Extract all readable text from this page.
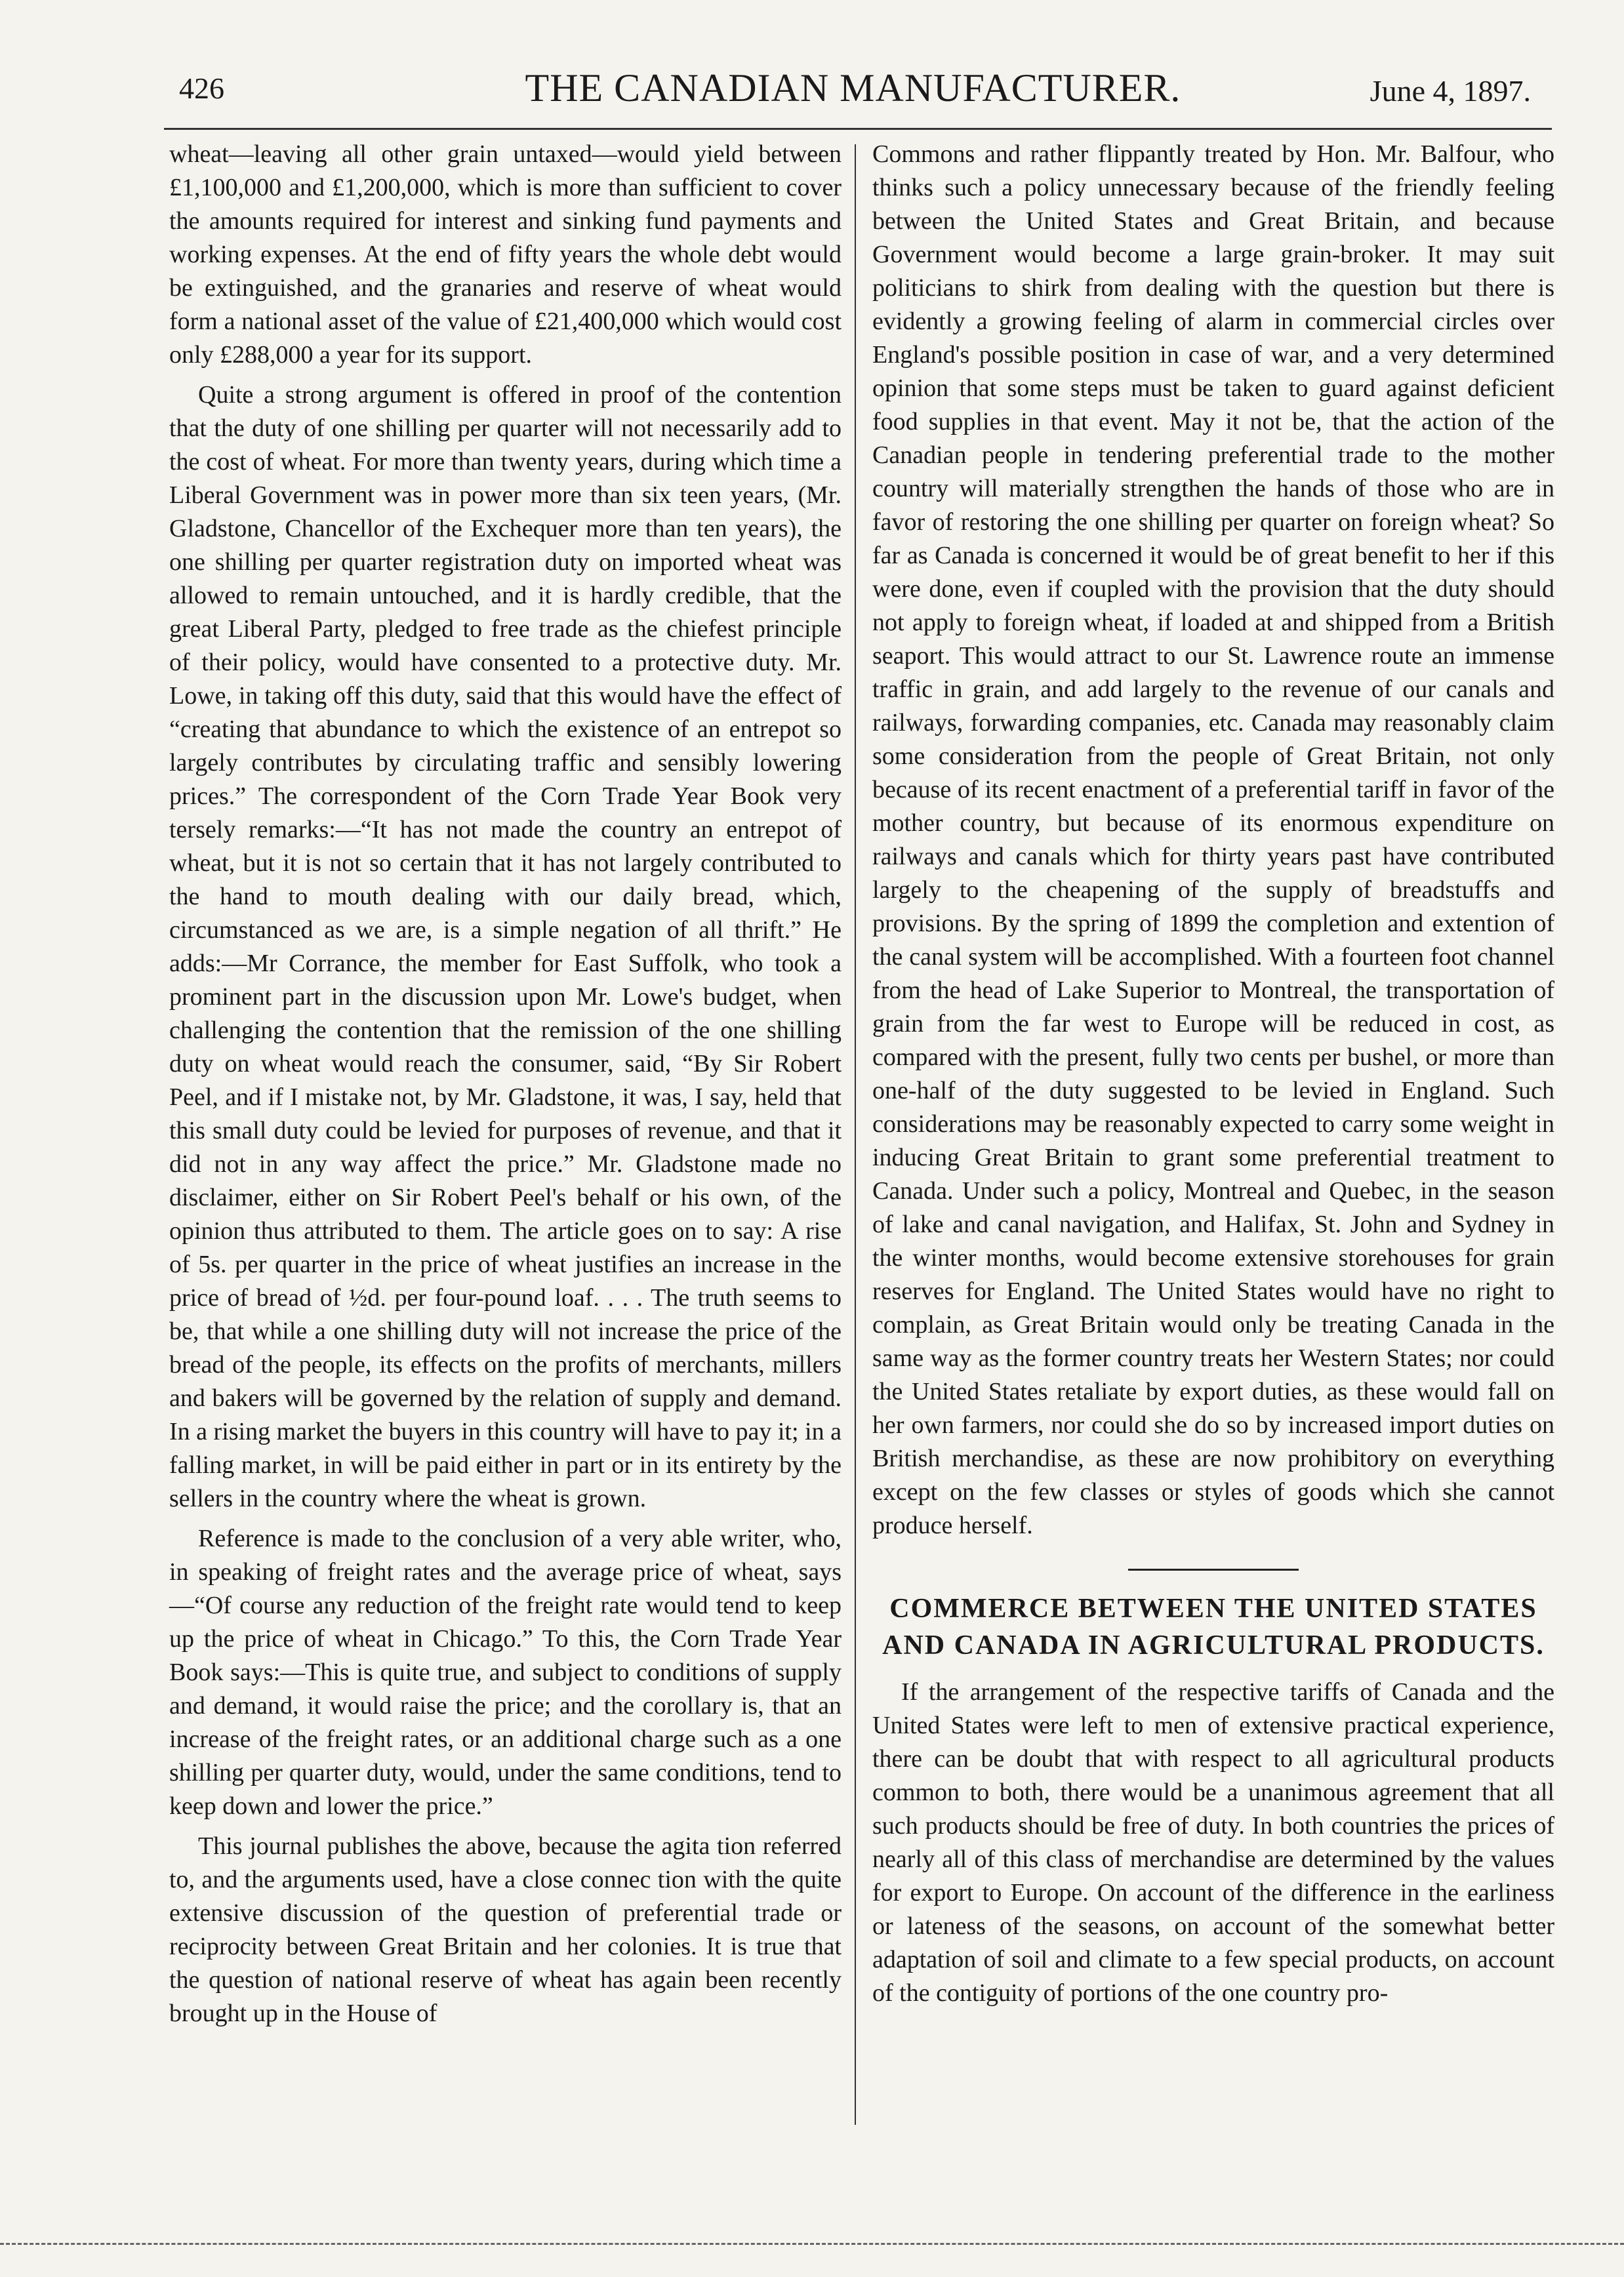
426	THE CANADIAN MANUFACTURER.	June 4, 1897.

wheat—leaving all other grain untaxed—would yield between £1,100,000 and £1,200,000, which is more than sufficient to cover the amounts required for interest and sinking fund payments and working expenses. At the end of fifty years the whole debt would be extinguished, and the granaries and reserve of wheat would form a national asset of the value of £21,400,000 which would cost only £288,000 a year for its support.

Quite a strong argument is offered in proof of the contention that the duty of one shilling per quarter will not necessarily add to the cost of wheat. For more than twenty years, during which time a Liberal Government was in power more than six teen years, (Mr. Gladstone, Chancellor of the Exchequer more than ten years), the one shilling per quarter registration duty on imported wheat was allowed to remain untouched, and it is hardly credible, that the great Liberal Party, pledged to free trade as the chiefest principle of their policy, would have consented to a protective duty. Mr. Lowe, in taking off this duty, said that this would have the effect of “creating that abundance to which the existence of an entrepot so largely contributes by circulating traffic and sensibly lowering prices.” The correspondent of the Corn Trade Year Book very tersely remarks:—“It has not made the country an entrepot of wheat, but it is not so certain that it has not largely contributed to the hand to mouth dealing with our daily bread, which, circumstanced as we are, is a simple negation of all thrift.” He adds:—Mr Corrance, the member for East Suffolk, who took a prominent part in the discussion upon Mr. Lowe's budget, when challenging the contention that the remission of the one shilling duty on wheat would reach the consumer, said, “By Sir Robert Peel, and if I mistake not, by Mr. Gladstone, it was, I say, held that this small duty could be levied for purposes of revenue, and that it did not in any way affect the price.” Mr. Gladstone made no disclaimer, either on Sir Robert Peel's behalf or his own, of the opinion thus attributed to them. The article goes on to say: A rise of 5s. per quarter in the price of wheat justifies an increase in the price of bread of ½d. per four-pound loaf. . . . The truth seems to be, that while a one shilling duty will not increase the price of the bread of the people, its effects on the profits of merchants, millers and bakers will be governed by the relation of supply and demand. In a rising market the buyers in this country will have to pay it; in a falling market, in will be paid either in part or in its entirety by the sellers in the country where the wheat is grown.

Reference is made to the conclusion of a very able writer, who, in speaking of freight rates and the average price of wheat, says—“Of course any reduction of the freight rate would tend to keep up the price of wheat in Chicago.” To this, the Corn Trade Year Book says:—This is quite true, and subject to conditions of supply and demand, it would raise the price; and the corollary is, that an increase of the freight rates, or an additional charge such as a one shilling per quarter duty, would, under the same conditions, tend to keep down and lower the price.”

This journal publishes the above, because the agita tion referred to, and the arguments used, have a close connec tion with the quite extensive discussion of the question of preferential trade or reciprocity between Great Britain and her colonies. It is true that the question of national reserve of wheat has again been recently brought up in the House of

Commons and rather flippantly treated by Hon. Mr. Balfour, who thinks such a policy unnecessary because of the friendly feeling between the United States and Great Britain, and because Government would become a large grain-broker. It may suit politicians to shirk from dealing with the question but there is evidently a growing feeling of alarm in commercial circles over England's possible position in case of war, and a very determined opinion that some steps must be taken to guard against deficient food supplies in that event. May it not be, that the action of the Canadian people in tendering preferential trade to the mother country will materially strengthen the hands of those who are in favor of restoring the one shilling per quarter on foreign wheat? So far as Canada is concerned it would be of great benefit to her if this were done, even if coupled with the provision that the duty should not apply to foreign wheat, if loaded at and shipped from a British seaport. This would attract to our St. Lawrence route an immense traffic in grain, and add largely to the revenue of our canals and railways, forwarding companies, etc. Canada may reasonably claim some consideration from the people of Great Britain, not only because of its recent enactment of a preferential tariff in favor of the mother country, but because of its enormous expenditure on railways and canals which for thirty years past have contributed largely to the cheapening of the supply of breadstuffs and provisions. By the spring of 1899 the completion and extention of the canal system will be accomplished. With a fourteen foot channel from the head of Lake Superior to Montreal, the transportation of grain from the far west to Europe will be reduced in cost, as compared with the present, fully two cents per bushel, or more than one-half of the duty suggested to be levied in England. Such considerations may be reasonably expected to carry some weight in inducing Great Britain to grant some preferential treatment to Canada. Under such a policy, Montreal and Quebec, in the season of lake and canal navigation, and Halifax, St. John and Sydney in the winter months, would become extensive storehouses for grain reserves for England. The United States would have no right to complain, as Great Britain would only be treating Canada in the same way as the former country treats her Western States; nor could the United States retaliate by export duties, as these would fall on her own farmers, nor could she do so by increased import duties on British merchandise, as these are now prohibitory on everything except on the few classes or styles of goods which she cannot produce herself.

COMMERCE BETWEEN THE UNITED STATES AND CANADA IN AGRICULTURAL PRODUCTS.

If the arrangement of the respective tariffs of Canada and the United States were left to men of extensive practical experience, there can be doubt that with respect to all agricultural products common to both, there would be a unanimous agreement that all such products should be free of duty. In both countries the prices of nearly all of this class of merchandise are determined by the values for export to Europe. On account of the difference in the earliness or lateness of the seasons, on account of the somewhat better adaptation of soil and climate to a few special products, on account of the contiguity of portions of the one country pro-
